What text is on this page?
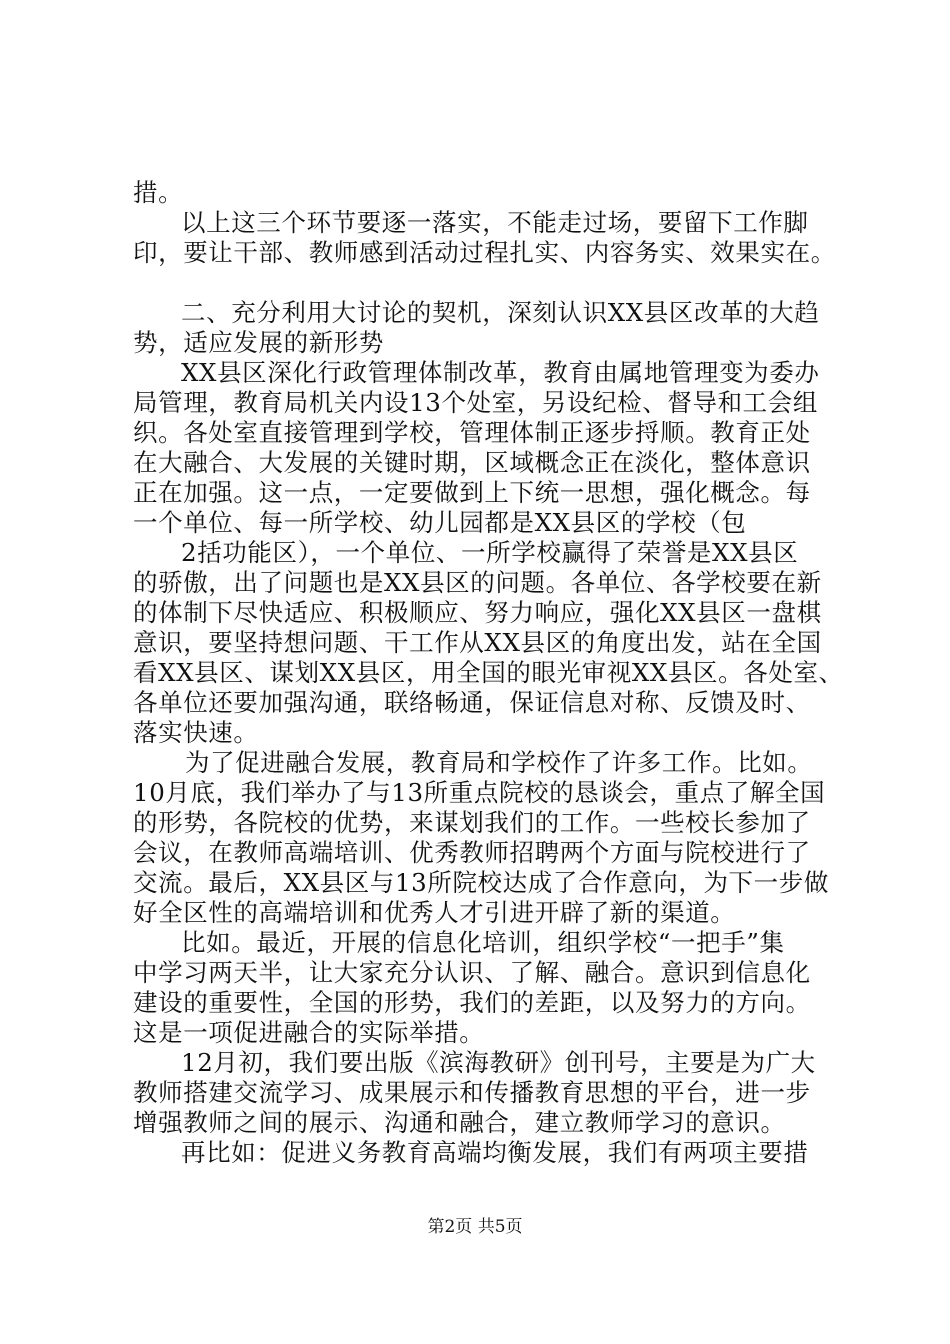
措。
以上这三个环节要逐一落实，不能走过场，要留下工作脚
印，要让干部、教师感到活动过程扎实、内容务实、效果实在。
二、充分利用大讨论的契机，深刻认识XX县区改革的大趋
势，适应发展的新形势
XX县区深化行政管理体制改革，教育由属地管理变为委办
局管理，教育局机关内设13个处室，另设纪检、督导和工会组
织。各处室直接管理到学校，管理体制正逐步捋顺。教育正处
在大融合、大发展的关键时期，区域概念正在淡化，整体意识
正在加强。这一点，一定要做到上下统一思想，强化概念。每
一个单位、每一所学校、幼儿园都是XX县区的学校（包
2括功能区），一个单位、一所学校赢得了荣誉是XX县区
的骄傲，出了问题也是XX县区的问题。各单位、各学校要在新
的体制下尽快适应、积极顺应、努力响应，强化XX县区一盘棋
意识，要坚持想问题、干工作从XX县区的角度出发，站在全国
看XX县区、谋划XX县区，用全国的眼光审视XX县区。各处室、
各单位还要加强沟通，联络畅通，保证信息对称、反馈及时、
落实快速。
为了促进融合发展，教育局和学校作了许多工作。比如。
10月底，我们举办了与13所重点院校的恳谈会，重点了解全国
的形势，各院校的优势，来谋划我们的工作。一些校长参加了
会议，在教师高端培训、优秀教师招聘两个方面与院校进行了
交流。最后，XX县区与13所院校达成了合作意向，为下一步做
好全区性的高端培训和优秀人才引进开辟了新的渠道。
比如。最近，开展的信息化培训，组织学校“一把手”集
中学习两天半，让大家充分认识、了解、融合。意识到信息化
建设的重要性，全国的形势，我们的差距，以及努力的方向。
这是一项促进融合的实际举措。
12月初，我们要出版《滨海教研》创刊号，主要是为广大
教师搭建交流学习、成果展示和传播教育思想的平台，进一步
增强教师之间的展示、沟通和融合，建立教师学习的意识。
再比如：促进义务教育高端均衡发展，我们有两项主要措
第2页 共5页
